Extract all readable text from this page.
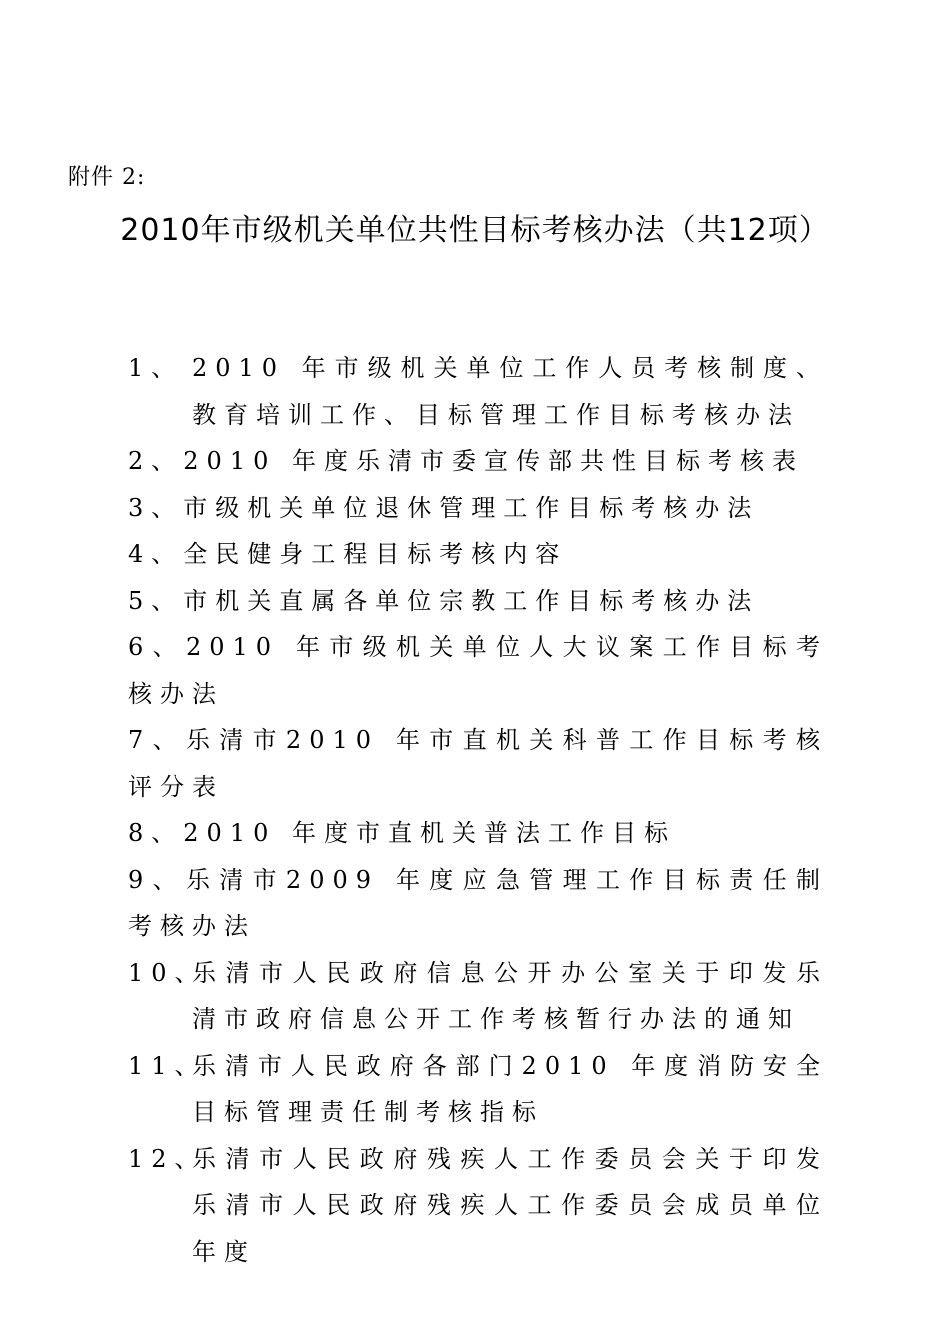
附件 2:
2010年市级机关单位共性目标考核办法（共12项）
1、 2010 年市级机关单位工作人员考核制度、教育培训工作、目标管理工作目标考核办法
2、2010 年度乐清市委宣传部共性目标考核表
3、市级机关单位退休管理工作目标考核办法
4、全民健身工程目标考核内容
5、市机关直属各单位宗教工作目标考核办法
6、2010 年市级机关单位人大议案工作目标考核办法
7、乐清市2010 年市直机关科普工作目标考核评分表
8、2010 年度市直机关普法工作目标
9、乐清市2009 年度应急管理工作目标责任制考核办法
10、
乐清市人民政府信息公开办公室关于印发乐清市政府信息公开工作考核暂行办法的通知
11、
乐清市人民政府各部门2010 年度消防安全目标管理责任制考核指标
12、
乐清市人民政府残疾人工作委员会关于印发乐清市人民政府残疾人工作委员会成员单位年度
